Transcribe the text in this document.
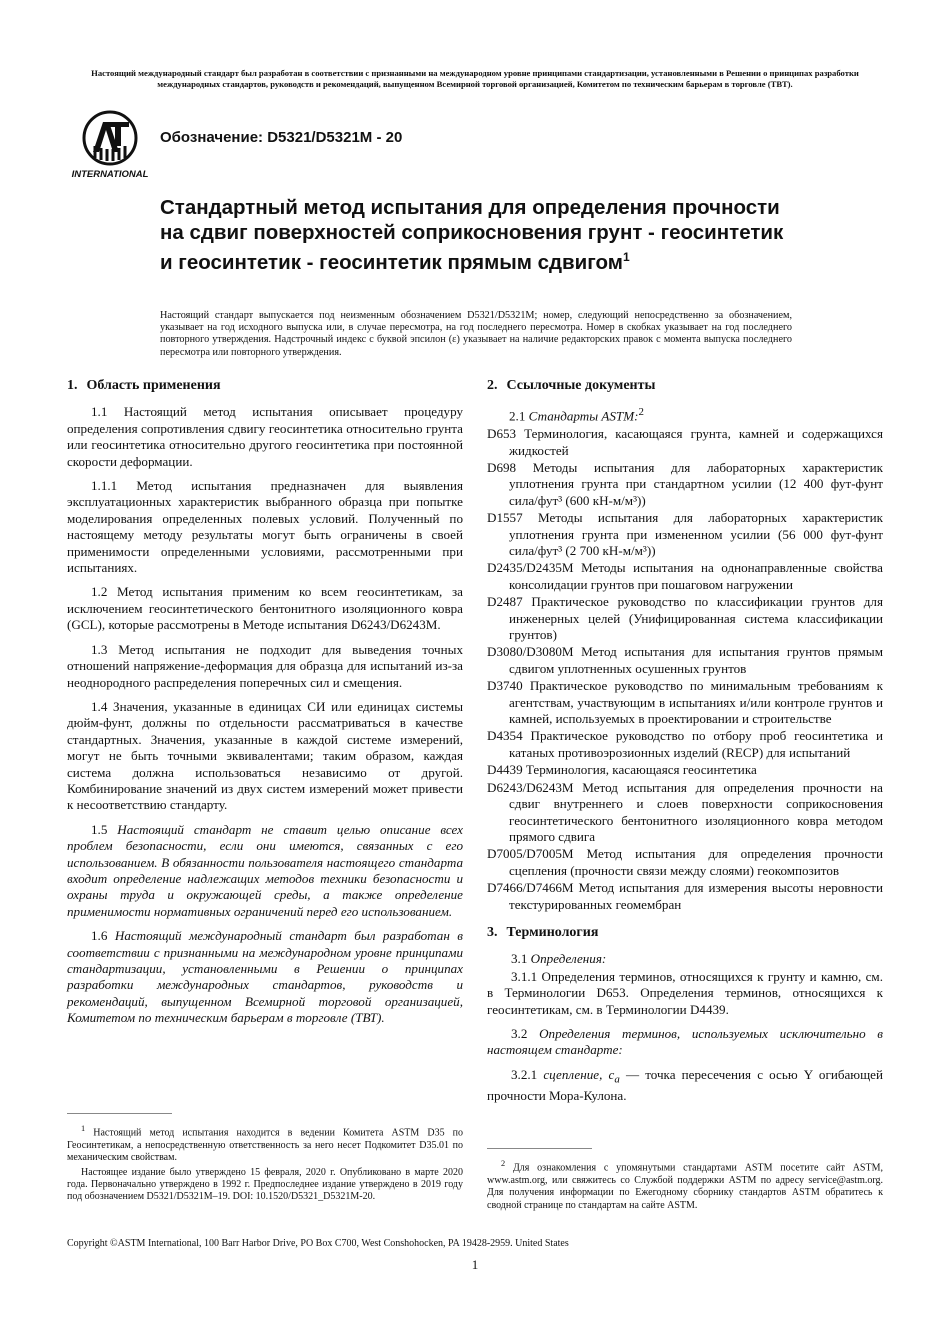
Настоящий международный стандарт был разработан в соответствии с признанными на международном уровне принципами стандартизации, установленными в Решении о принципах разработки международных стандартов, руководств и рекомендаций, выпущенном Всемирной торговой организацией, Комитетом по техническим барьерам в торговле (ТВТ).
INTERNATIONAL
Обозначение: D5321/D5321M - 20
Стандартный метод испытания для определения прочности на сдвиг поверхностей соприкосновения грунт - геосинтетик и геосинтетик - геосинтетик прямым сдвигом$^1$
Настоящий стандарт выпускается под неизменным обозначением D5321/D5321M; номер, следующий непосредственно за обозначением, указывает на год исходного выпуска или, в случае пересмотра, на год последнего пересмотра. Номер в скобках указывает на год последнего повторного утверждения. Надстрочный индекс с буквой эпсилон (ε) указывает на наличие редакторских правок с момента выпуска последнего пересмотра или повторного утверждения.
1. Область применения

1.1 Настоящий метод испытания описывает процедуру определения сопротивления сдвигу геосинтетика относительно грунта или геосинтетика относительно другого геосинтетика при постоянной скорости деформации.

1.1.1 Метод испытания предназначен для выявления эксплуатационных характеристик выбранного образца при попытке моделирования определенных полевых условий. Полученный по настоящему методу результаты могут быть ограничены в своей применимости определенными условиями, рассмотренными при испытаниях.

1.2 Метод испытания применим ко всем геосинтетикам, за исключением геосинтетического бентонитного изоляционного ковра (GCL), которые рассмотрены в Методе испытания D6243/D6243M.

1.3 Метод испытания не подходит для выведения точных отношений напряжение-деформация для образца для испытаний из-за неоднородного распределения поперечных сил и смещения.

1.4 Значения, указанные в единицах СИ или единицах системы дюйм-фунт, должны по отдельности рассматриваться в качестве стандартных. Значения, указанные в каждой системе измерений, могут не быть точными эквивалентами; таким образом, каждая система должна использоваться независимо от другой. Комбинирование значений из двух систем измерений может привести к несоответствию стандарту.

1.5 Настоящий стандарт не ставит целью описание всех проблем безопасности, если они имеются, связанных с его использованием. В обязанности пользователя настоящего стандарта входит определение надлежащих методов техники безопасности и охраны труда и окружающей среды, а также определение применимости нормативных ограничений перед его использованием.

1.6 Настоящий международный стандарт был разработан в соответствии с признанными на международном уровне принципами стандартизации, установленными в Решении о принципах разработки международных стандартов, руководств и рекомендаций, выпущенном Всемирной торговой организацией, Комитетом по техническим барьерам в торговле (ТВТ).

$^1$ Настоящий метод испытания находится в ведении Комитета ASTM D35 по Геосинтетикам, а непосредственную ответственность за него несет Подкомитет D35.01 по механическим свойствам.

Настоящее издание было утверждено 15 февраля, 2020 г. Опубликовано в марте 2020 года. Первоначально утверждено в 1992 г. Предпоследнее издание утверждено в 2019 году под обозначением D5321/D5321M–19. DOI: 10.1520/D5321_D5321M-20.

2. Ссылочные документы
2.1 Стандарты ASTM:$^2$
D653 Терминология, касающаяся грунта, камней и содержащихся жидкостей
D698 Методы испытания для лабораторных характеристик уплотнения грунта при стандартном усилии (12 400 фут-фунт сила/фут³ (600 кН-м/м³))
D1557 Методы испытания для лабораторных характеристик уплотнения грунта при измененном усилии (56 000 фут-фунт сила/фут³ (2 700 кН-м/м³))
D2435/D2435M Методы испытания на однонаправленные свойства консолидации грунтов при пошаговом нагружении
D2487 Практическое руководство по классификации грунтов для инженерных целей (Унифицированная система классификации грунтов)
D3080/D3080M Метод испытания для испытания грунтов прямым сдвигом уплотненных осушенных грунтов
D3740 Практическое руководство по минимальным требованиям к агентствам, участвующим в испытаниях и/или контроле грунтов и камней, используемых в проектировании и строительстве
D4354 Практическое руководство по отбору проб геосинтетика и катаных противоэрозионных изделий (RECP) для испытаний
D4439 Терминология, касающаяся геосинтетика
D6243/D6243M Метод испытания для определения прочности на сдвиг внутреннего и слоев поверхности соприкосновения геосинтетического бентонитного изоляционного ковра методом прямого сдвига
D7005/D7005M Метод испытания для определения прочности сцепления (прочности связи между слоями) геокомпозитов
D7466/D7466M Метод испытания для измерения высоты неровности текстурированных геомембран
3. Терминология

3.1 Определения:

3.1.1 Определения терминов, относящихся к грунту и камню, см. в Терминологии D653. Определения терминов, относящихся к геосинтетикам, см. в Терминологии D4439.

3.2 Определения терминов, используемых исключительно в настоящем стандарте:

3.2.1 сцепление, $c_a$ — точка пересечения с осью Y огибающей прочности Мора-Кулона.

$^2$ Для ознакомления с упомянутыми стандартами ASTM посетите сайт ASTM, www.astm.org, или свяжитесь со Службой поддержки ASTM по адресу service@astm.org. Для получения информации по Ежегодному сборнику стандартов ASTM обратитесь к сводной странице по стандартам на сайте ASTM.

Copyright ©ASTM International, 100 Barr Harbor Drive, PO Box C700, West Conshohocken, PA 19428-2959. United States
1
